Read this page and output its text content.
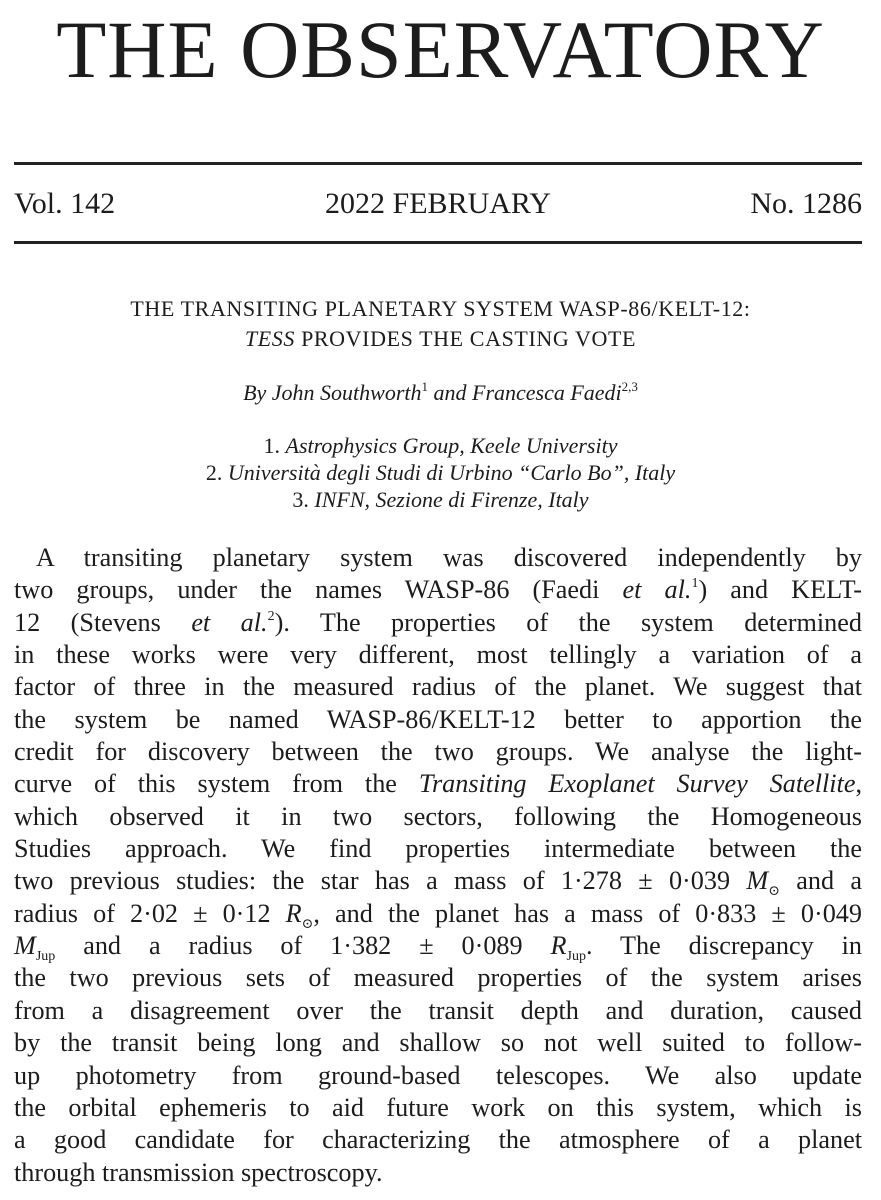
THE OBSERVATORY
Vol. 142	2022 FEBRUARY	No. 1286
THE TRANSITING PLANETARY SYSTEM WASP-86/KELT-12:
TESS PROVIDES THE CASTING VOTE
By John Southworth$^1$ and Francesca Faedi$^{2,3}$
1. Astrophysics Group, Keele University
2. Università degli Studi di Urbino “Carlo Bo”, Italy
3. INFN, Sezione di Firenze, Italy
A transiting planetary system was discovered independently by
two groups, under the names WASP-86 (Faedi et al.$^1$) and KELT-
12 (Stevens et al.$^2$). The properties of the system determined
in these works were very different, most tellingly a variation of a
factor of three in the measured radius of the planet. We suggest that
the system be named WASP-86/KELT-12 better to apportion the
credit for discovery between the two groups. We analyse the light-
curve of this system from the Transiting Exoplanet Survey Satellite,
which observed it in two sectors, following the Homogeneous
Studies approach. We find properties intermediate between the
two previous studies: the star has a mass of 1·278 ± 0·039 $M_⊙$ and a
radius of 2·02 ± 0·12 $R_⊙$, and the planet has a mass of 0·833 ± 0·049
$M_{Jup}$ and a radius of 1·382 ± 0·089 $R_{Jup}$. The discrepancy in
the two previous sets of measured properties of the system arises
from a disagreement over the transit depth and duration, caused
by the transit being long and shallow so not well suited to follow-
up photometry from ground-based telescopes. We also update
the orbital ephemeris to aid future work on this system, which is
a good candidate for characterizing the atmosphere of a planet
through transmission spectroscopy.
